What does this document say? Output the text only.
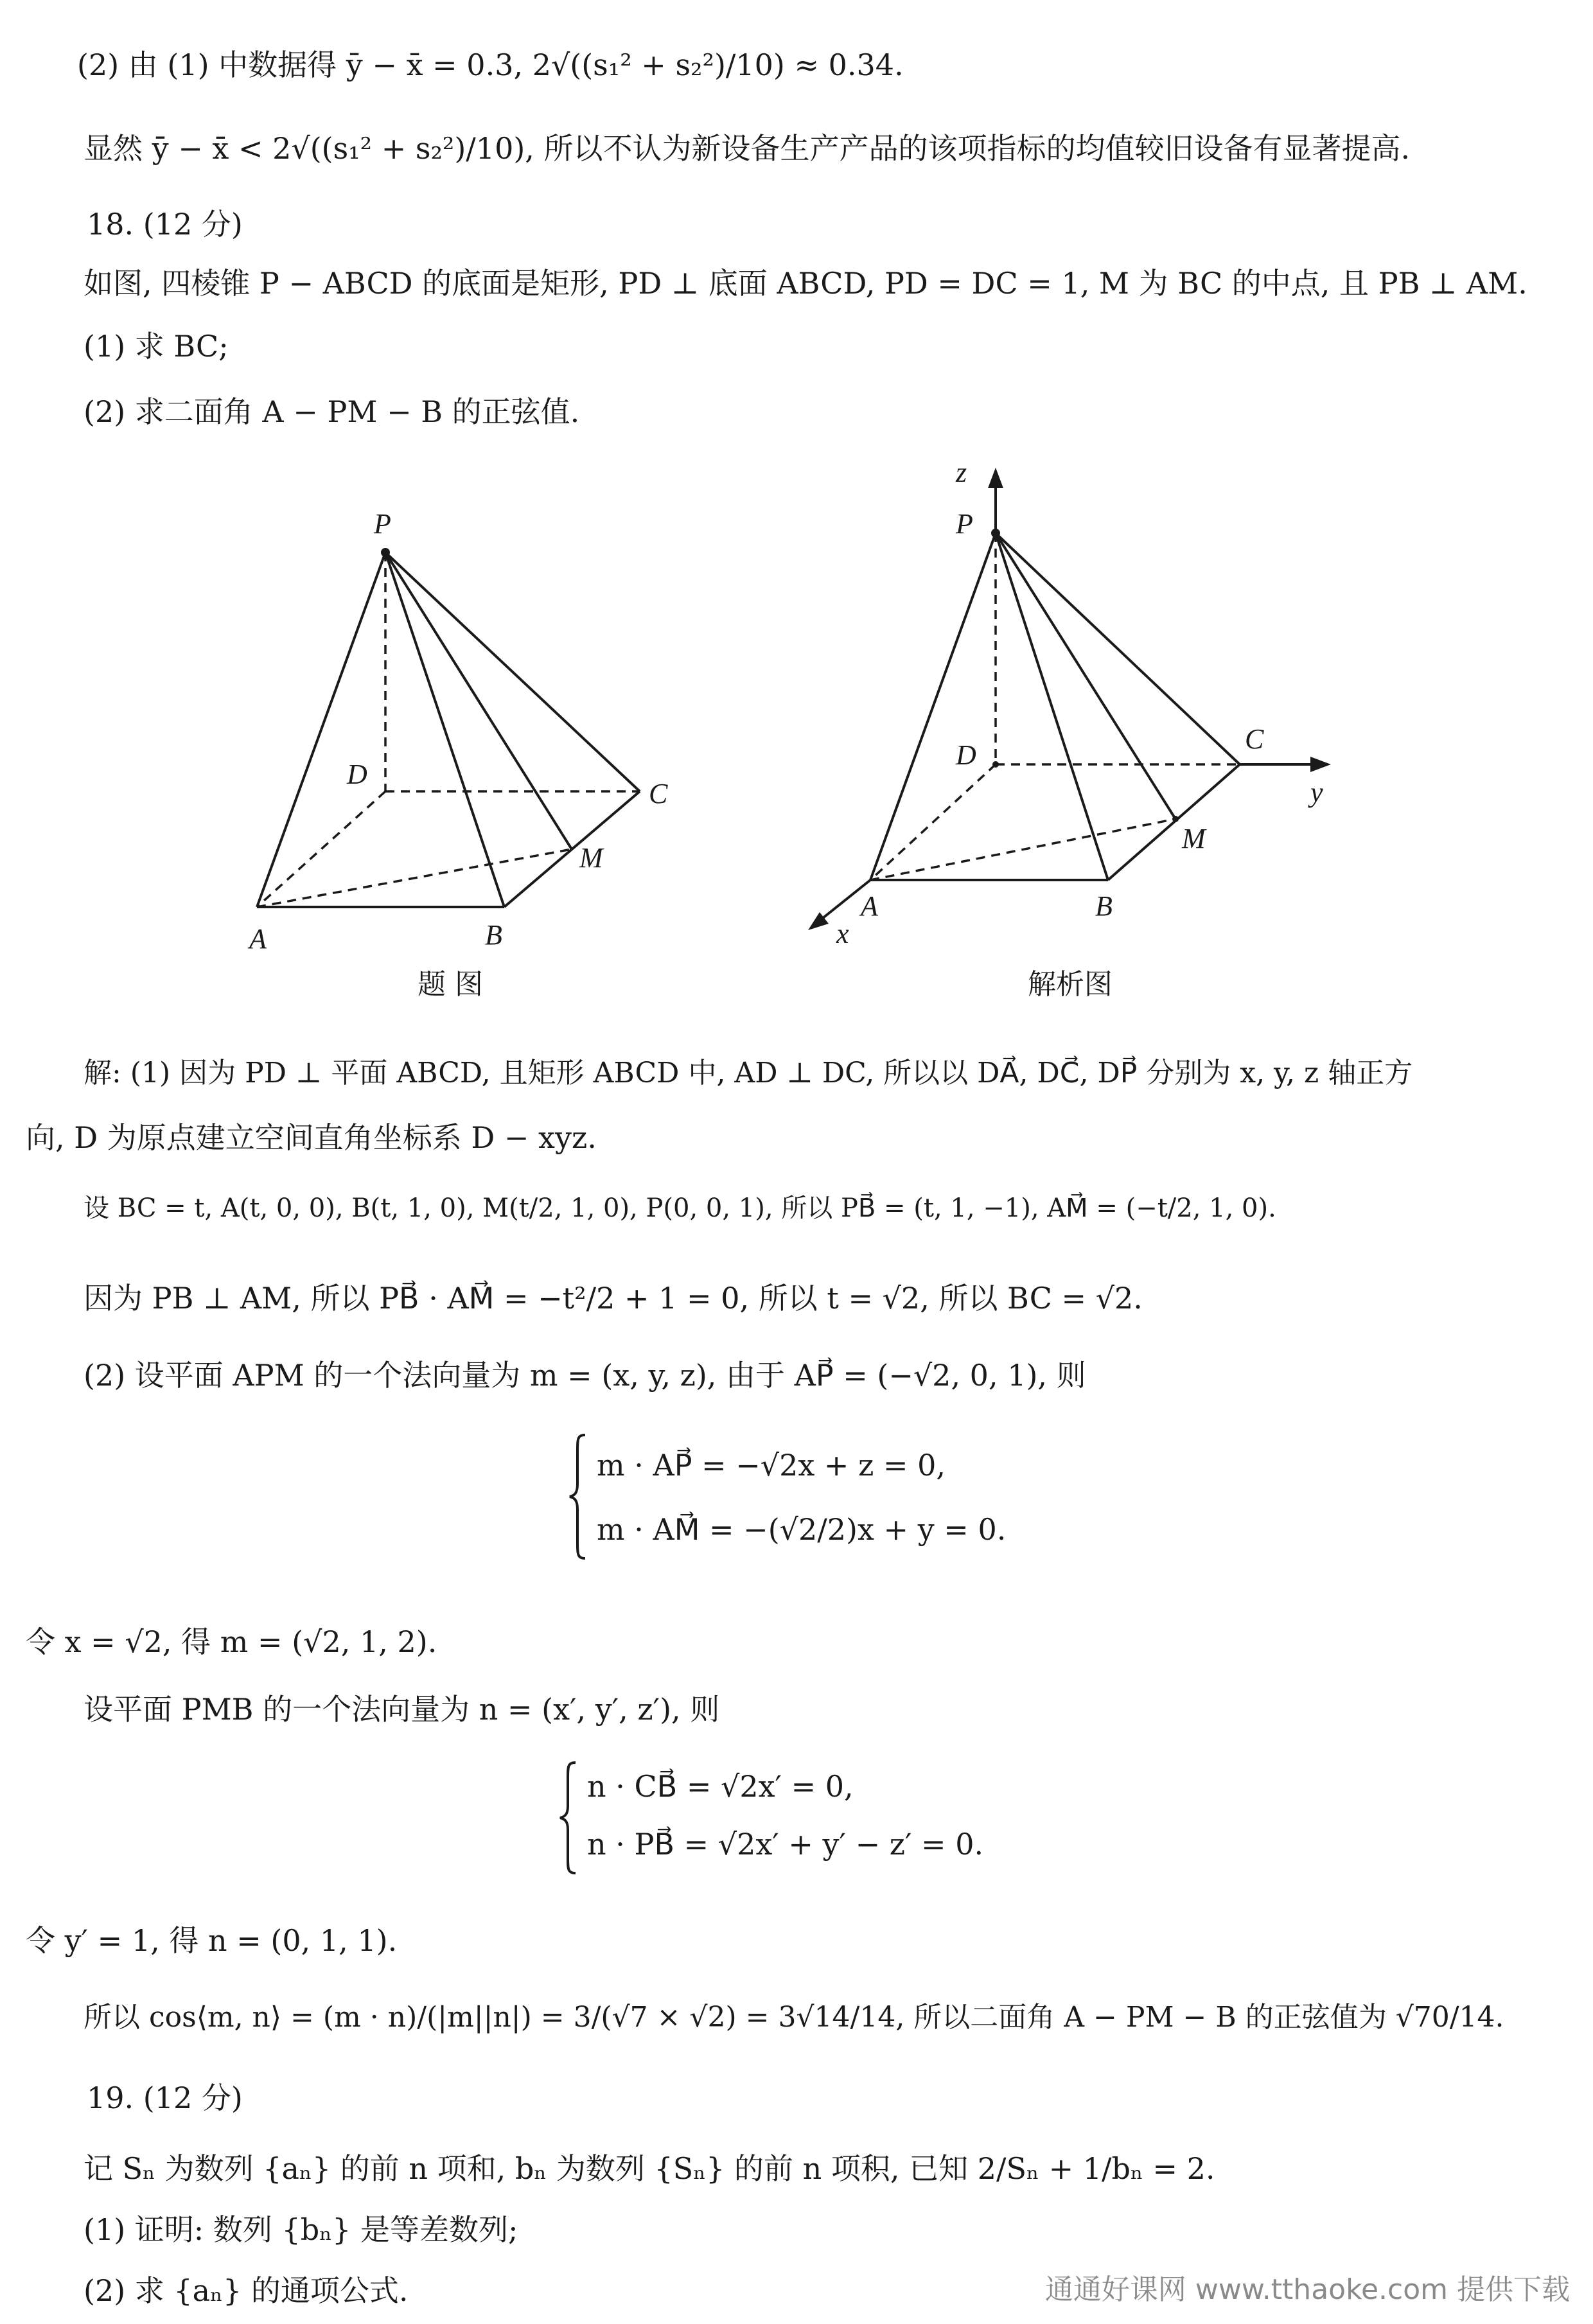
(2) 由 (1) 中数据得 ȳ − x̄ = 0.3, 2√((s₁² + s₂²)/10) ≈ 0.34.
显然 ȳ − x̄ < 2√((s₁² + s₂²)/10), 所以不认为新设备生产产品的该项指标的均值较旧设备有显著提高.
18. (12 分)
如图, 四棱锥 P − ABCD 的底面是矩形, PD ⊥ 底面 ABCD, PD = DC = 1, M 为 BC 的中点, 且 PB ⊥ AM.
(1) 求 BC;
(2) 求二面角 A − PM − B 的正弦值.
P
D
C
M
A	B
题 图
z
P
D
C
y
M
A	B
x
解析图
解: (1) 因为 PD ⊥ 平面 ABCD, 且矩形 ABCD 中, AD ⊥ DC, 所以以 DA⃗, DC⃗, DP⃗ 分别为 x, y, z 轴正方
向, D 为原点建立空间直角坐标系 D − xyz.
设 BC = t, A(t, 0, 0), B(t, 1, 0), M(t/2, 1, 0), P(0, 0, 1), 所以 PB⃗ = (t, 1, −1), AM⃗ = (−t/2, 1, 0).
因为 PB ⊥ AM, 所以 PB⃗ · AM⃗ = −t²/2 + 1 = 0, 所以 t = √2, 所以 BC = √2.
(2) 设平面 APM 的一个法向量为 m = (x, y, z), 由于 AP⃗ = (−√2, 0, 1), 则
m · AP⃗ = −√2x + z = 0,
m · AM⃗ = −(√2/2)x + y = 0.
令 x = √2, 得 m = (√2, 1, 2).
设平面 PMB 的一个法向量为 n = (x′, y′, z′), 则
n · CB⃗ = √2x′ = 0,
n · PB⃗ = √2x′ + y′ − z′ = 0.
令 y′ = 1, 得 n = (0, 1, 1).
所以 cos⟨m, n⟩ = (m · n)/(|m||n|) = 3/(√7 × √2) = 3√14/14, 所以二面角 A − PM − B 的正弦值为 √70/14.
19. (12 分)
记 Sₙ 为数列 {aₙ} 的前 n 项和, bₙ 为数列 {Sₙ} 的前 n 项积, 已知 2/Sₙ + 1/bₙ = 2.
(1) 证明: 数列 {bₙ} 是等差数列;
(2) 求 {aₙ} 的通项公式.	通通好课网 www.tthaoke.com 提供下载
